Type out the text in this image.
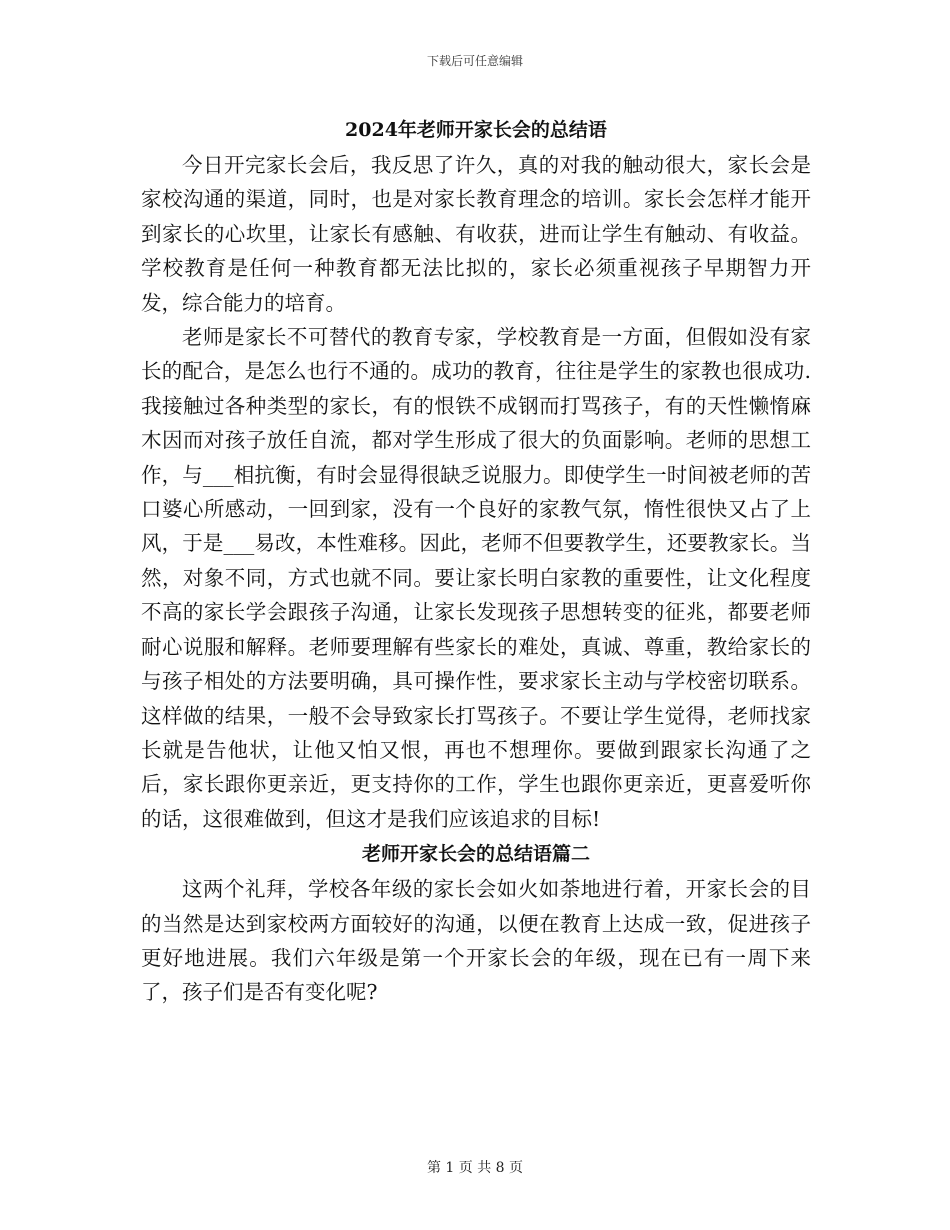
下载后可任意编辑
2024年老师开家长会的总结语

今日开完家长会后，我反思了许久，真的对我的触动很大，家长会是家校沟通的渠道，同时，也是对家长教育理念的培训。家长会怎样才能开到家长的心坎里，让家长有感触、有收获，进而让学生有触动、有收益。学校教育是任何一种教育都无法比拟的，家长必须重视孩子早期智力开发，综合能力的培育。

老师是家长不可替代的教育专家，学校教育是一方面，但假如没有家长的配合，是怎么也行不通的。成功的教育，往往是学生的家教也很成功.我接触过各种类型的家长，有的恨铁不成钢而打骂孩子，有的天性懒惰麻木因而对孩子放任自流，都对学生形成了很大的负面影响。老师的思想工作，与___相抗衡，有时会显得很缺乏说服力。即使学生一时间被老师的苦口婆心所感动，一回到家，没有一个良好的家教气氛，惰性很快又占了上风，于是___易改，本性难移。因此，老师不但要教学生，还要教家长。当然，对象不同，方式也就不同。要让家长明白家教的重要性，让文化程度不高的家长学会跟孩子沟通，让家长发现孩子思想转变的征兆，都要老师耐心说服和解释。老师要理解有些家长的难处，真诚、尊重，教给家长的与孩子相处的方法要明确，具可操作性，要求家长主动与学校密切联系。这样做的结果，一般不会导致家长打骂孩子。不要让学生觉得，老师找家长就是告他状，让他又怕又恨，再也不想理你。要做到跟家长沟通了之后，家长跟你更亲近，更支持你的工作，学生也跟你更亲近，更喜爱听你的话，这很难做到，但这才是我们应该追求的目标!

老师开家长会的总结语篇二

这两个礼拜，学校各年级的家长会如火如荼地进行着，开家长会的目的当然是达到家校两方面较好的沟通，以便在教育上达成一致，促进孩子更好地进展。我们六年级是第一个开家长会的年级，现在已有一周下来了，孩子们是否有变化呢?

第 1 页 共 8 页
